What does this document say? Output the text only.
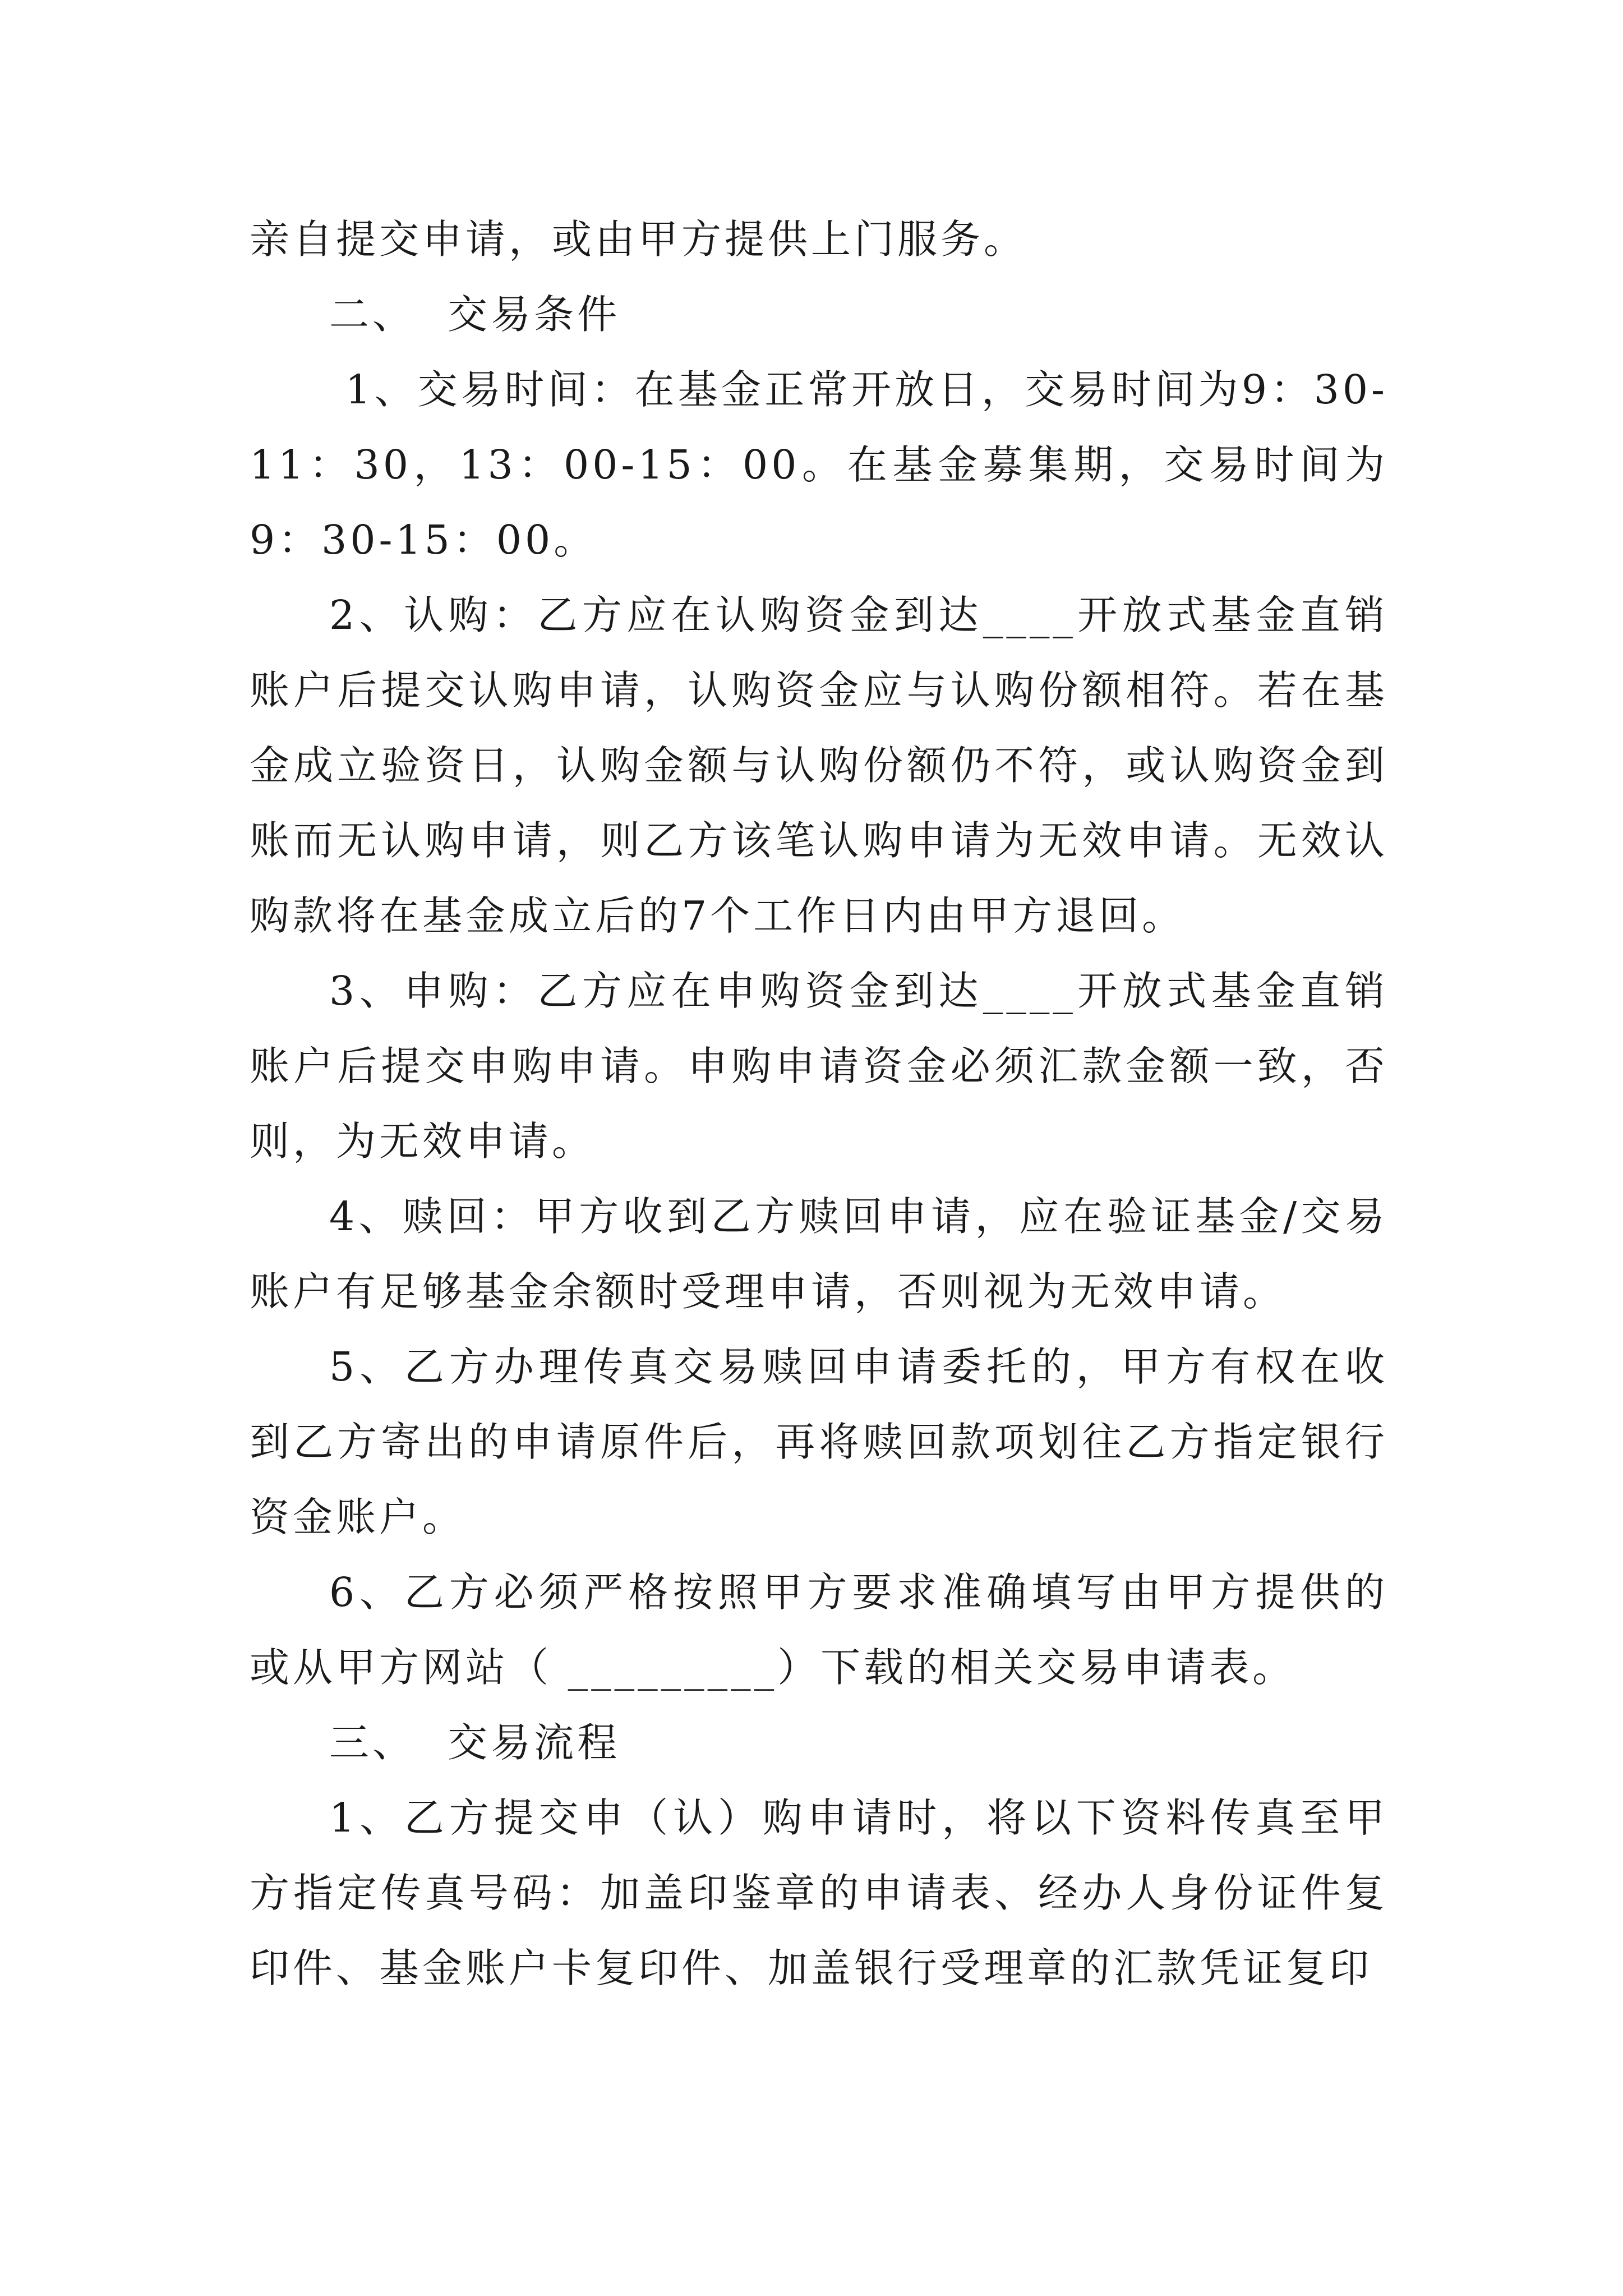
亲自提交申请，或由甲方提供上门服务。

二、  交易条件

1、交易时间：在基金正常开放日，交易时间为9：30-11：30，13：00-15：00。在基金募集期，交易时间为9：30-15：00。

2、认购：乙方应在认购资金到达____开放式基金直销账户后提交认购申请，认购资金应与认购份额相符。若在基金成立验资日，认购金额与认购份额仍不符，或认购资金到账而无认购申请，则乙方该笔认购申请为无效申请。无效认购款将在基金成立后的7个工作日内由甲方退回。

3、申购：乙方应在申购资金到达____开放式基金直销账户后提交申购申请。申购申请资金必须汇款金额一致，否则，为无效申请。

4、赎回：甲方收到乙方赎回申请，应在验证基金/交易账户有足够基金余额时受理申请，否则视为无效申请。

5、乙方办理传真交易赎回申请委托的，甲方有权在收到乙方寄出的申请原件后，再将赎回款项划往乙方指定银行资金账户。

6、乙方必须严格按照甲方要求准确填写由甲方提供的或从甲方网站（ _________）下载的相关交易申请表。

三、  交易流程

1、乙方提交申（认）购申请时，将以下资料传真至甲方指定传真号码：加盖印鉴章的申请表、经办人身份证件复印件、基金账户卡复印件、加盖银行受理章的汇款凭证复印
